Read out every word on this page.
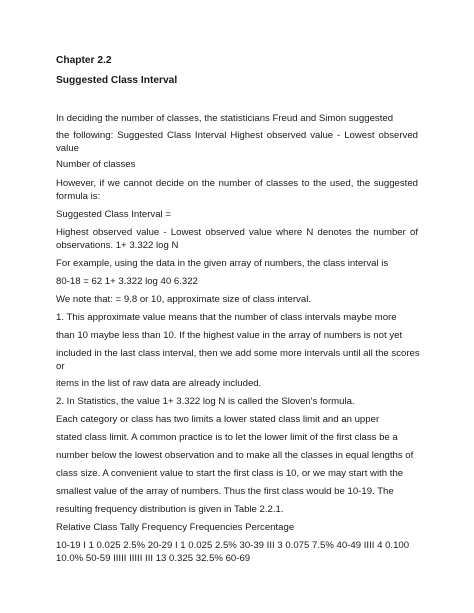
Chapter 2.2
Suggested Class Interval
In deciding the number of classes, the statisticians Freud and Simon suggested
the following: Suggested Class Interval Highest observed value - Lowest observed
value
Number of classes
However, if we cannot decide on the number of classes to the used, the suggested
formula is:
Suggested Class Interval =
Highest observed value - Lowest observed value where N denotes the number of
observations. 1+ 3.322 log N
For example, using the data in the given array of numbers, the class interval is
80-18 = 62 1+ 3.322 log 40 6.322
We note that: = 9.8 or 10, approximate size of class interval.
1. This approximate value means that the number of class intervals maybe more
than 10 maybe less than 10. If the highest value in the array of numbers is not yet
included in the last class interval, then we add some more intervals until all the scores
or
items in the list of raw data are already included.
2. In Statistics, the value 1+ 3.322 log N is called the Sloven's formula.
Each category or class has two limits a lower stated class limit and an upper
stated class limit. A common practice is to let the lower limit of the first class be a
number below the lowest observation and to make all the classes in equal lengths of
class size. A convenient value to start the first class is 10, or we may start with the
smallest value of the array of numbers. Thus the first class would be 10-19. The
resulting frequency distribution is given in Table 2.2.1.
Relative Class Tally Frequency Frequencies Percentage
10-19 I 1 0.025 2.5% 20-29 I 1 0.025 2.5% 30-39 III 3 0.075 7.5% 40-49 IIII 4 0.100
10.0% 50-59 IIIII IIIII III 13 0.325 32.5% 60-69
